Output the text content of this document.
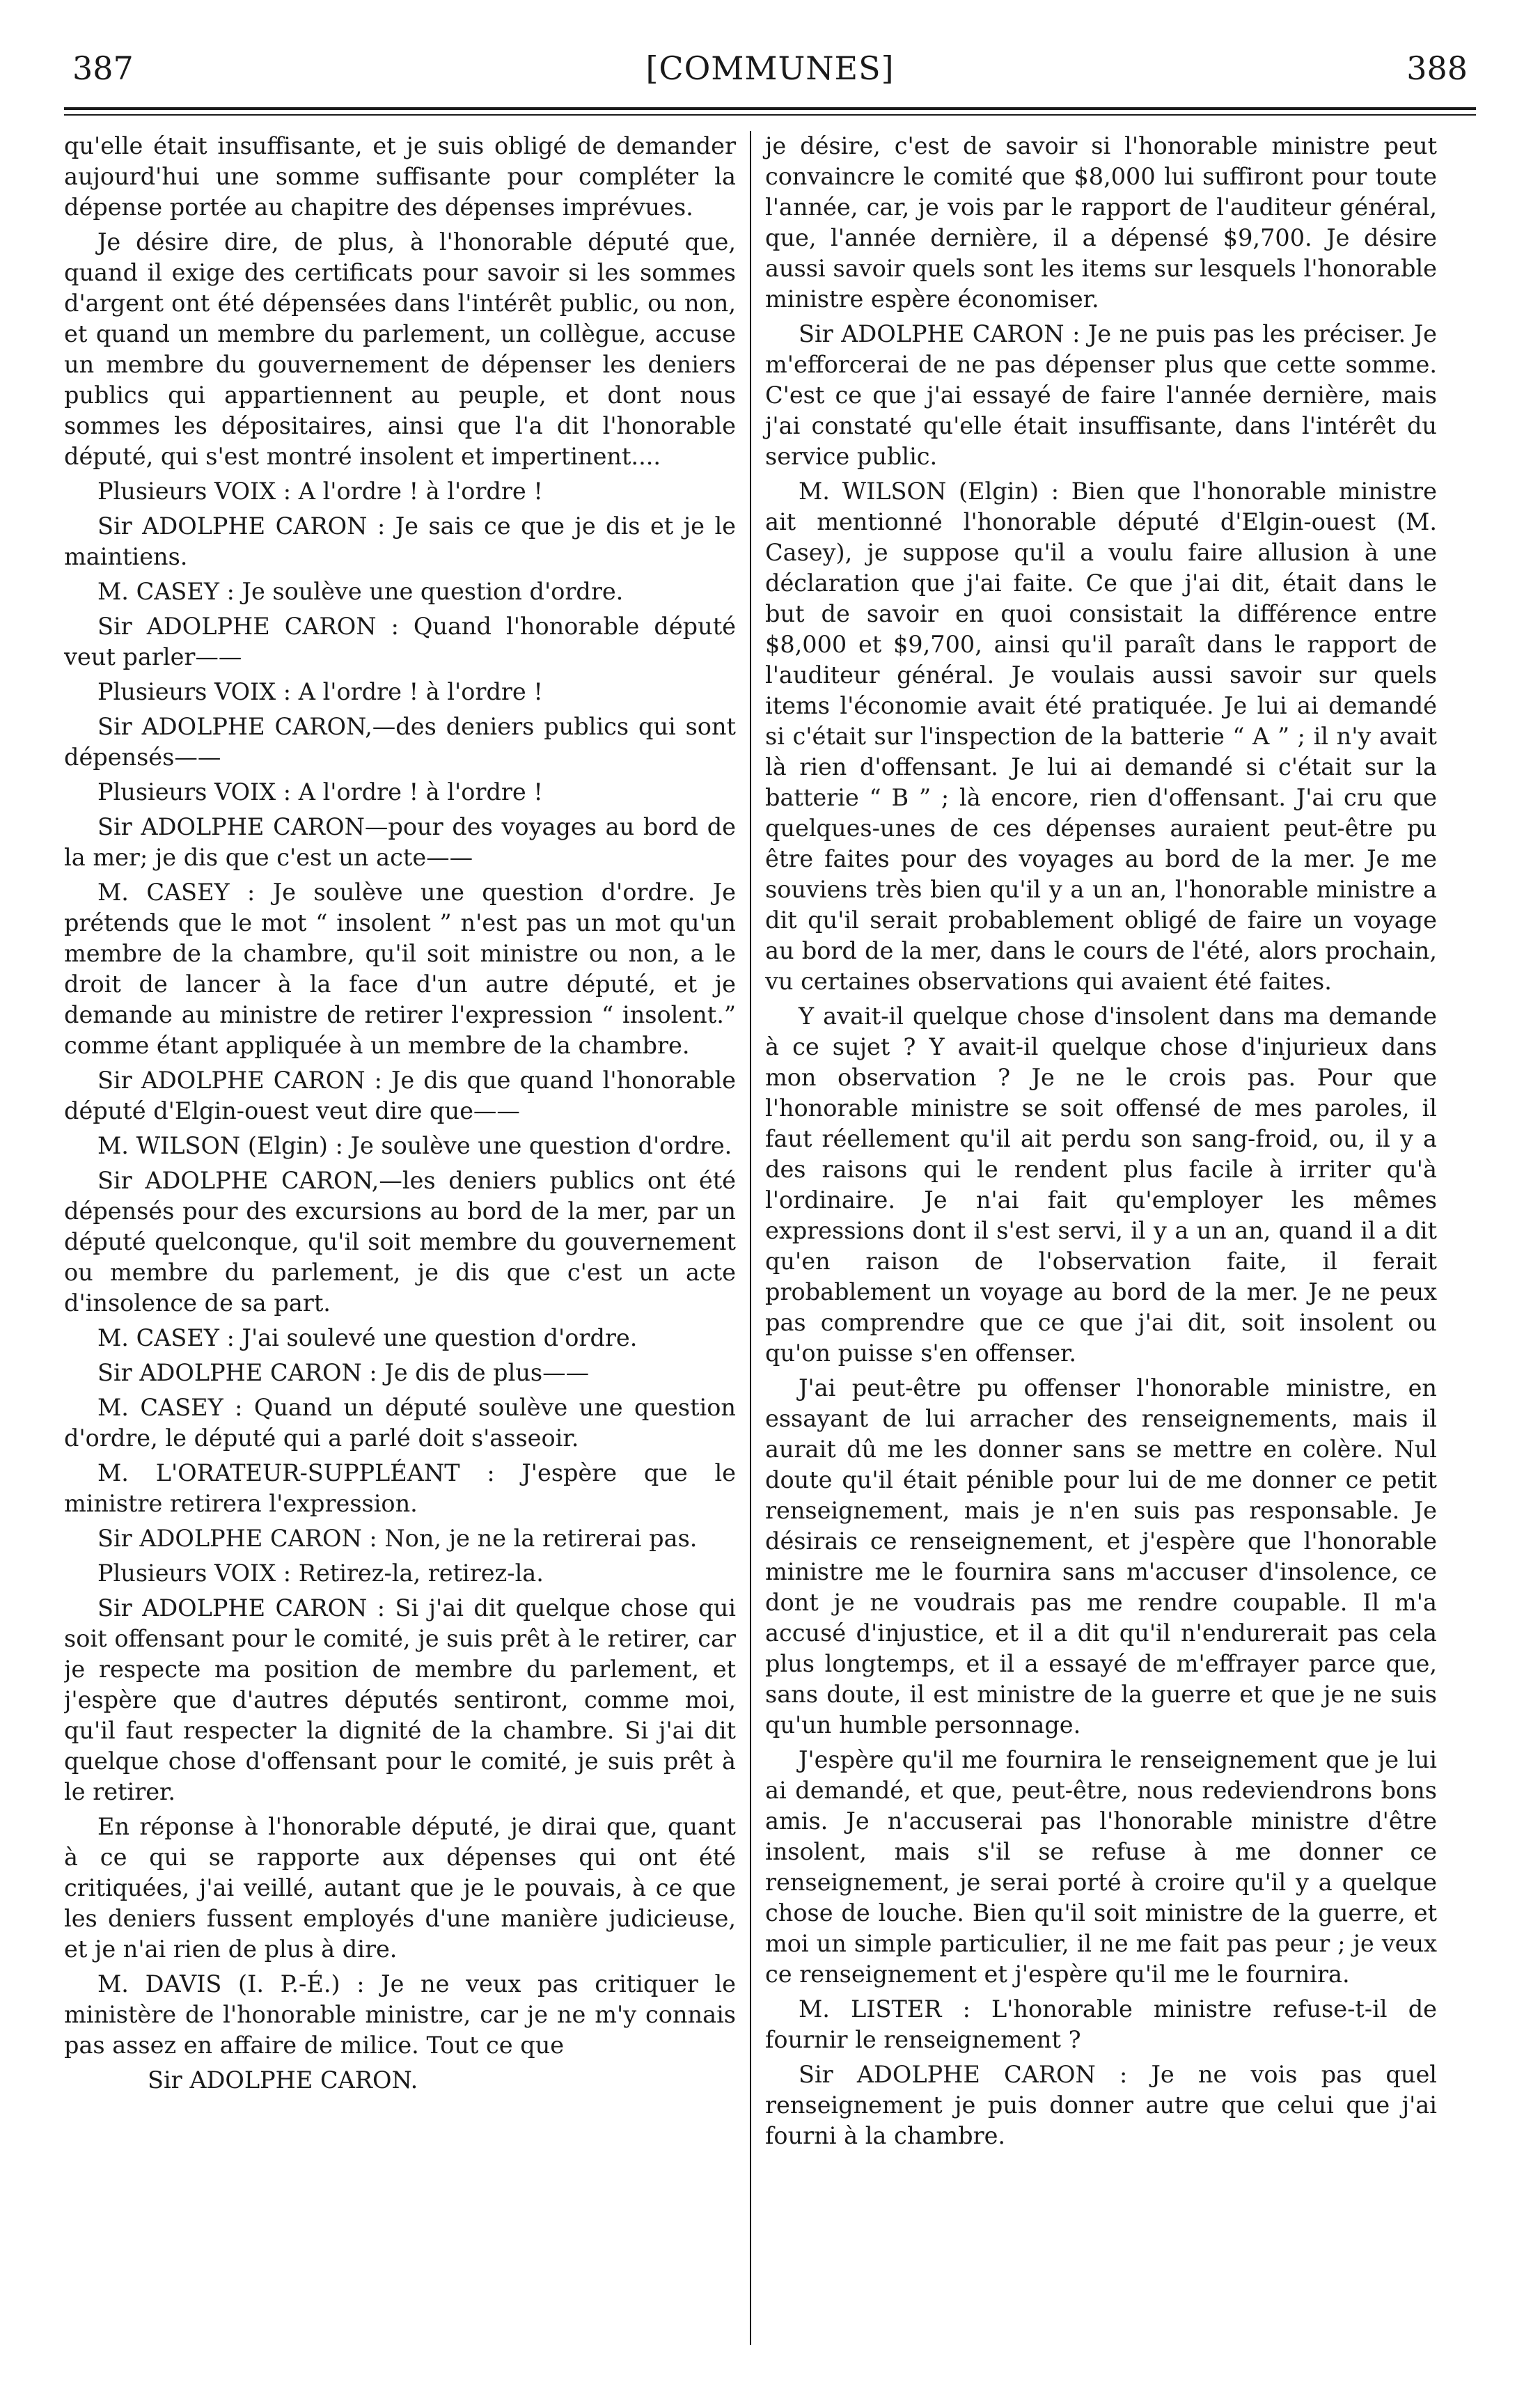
387	[COMMUNES]	388

qu'elle était insuffisante, et je suis obligé de demander aujourd'hui une somme suffisante pour compléter la dépense portée au chapitre des dépenses imprévues.

Je désire dire, de plus, à l'honorable député que, quand il exige des certificats pour savoir si les sommes d'argent ont été dépensées dans l'intérêt public, ou non, et quand un membre du parlement, un collègue, accuse un membre du gouvernement de dépenser les deniers publics qui appartiennent au peuple, et dont nous sommes les dépositaires, ainsi que l'a dit l'honorable député, qui s'est montré insolent et impertinent....

Plusieurs VOIX : A l'ordre ! à l'ordre !

Sir ADOLPHE CARON : Je sais ce que je dis et je le maintiens.

M. CASEY : Je soulève une question d'ordre.

Sir ADOLPHE CARON : Quand l'honorable député veut parler——

Plusieurs VOIX : A l'ordre ! à l'ordre !

Sir ADOLPHE CARON,—des deniers publics qui sont dépensés——

Plusieurs VOIX : A l'ordre ! à l'ordre !

Sir ADOLPHE CARON—pour des voyages au bord de la mer; je dis que c'est un acte——

M. CASEY : Je soulève une question d'ordre. Je prétends que le mot “ insolent ” n'est pas un mot qu'un membre de la chambre, qu'il soit ministre ou non, a le droit de lancer à la face d'un autre député, et je demande au ministre de retirer l'expression “ insolent.” comme étant appliquée à un membre de la chambre.

Sir ADOLPHE CARON : Je dis que quand l'honorable député d'Elgin-ouest veut dire que——

M. WILSON (Elgin) : Je soulève une question d'ordre.

Sir ADOLPHE CARON,—les deniers publics ont été dépensés pour des excursions au bord de la mer, par un député quelconque, qu'il soit membre du gouvernement ou membre du parlement, je dis que c'est un acte d'insolence de sa part.

M. CASEY : J'ai soulevé une question d'ordre.

Sir ADOLPHE CARON : Je dis de plus——

M. CASEY : Quand un député soulève une question d'ordre, le député qui a parlé doit s'asseoir.

M. L'ORATEUR-SUPPLÉANT : J'espère que le ministre retirera l'expression.

Sir ADOLPHE CARON : Non, je ne la retirerai pas.

Plusieurs VOIX : Retirez-la, retirez-la.

Sir ADOLPHE CARON : Si j'ai dit quelque chose qui soit offensant pour le comité, je suis prêt à le retirer, car je respecte ma position de membre du parlement, et j'espère que d'autres députés sentiront, comme moi, qu'il faut respecter la dignité de la chambre. Si j'ai dit quelque chose d'offensant pour le comité, je suis prêt à le retirer.

En réponse à l'honorable député, je dirai que, quant à ce qui se rapporte aux dépenses qui ont été critiquées, j'ai veillé, autant que je le pouvais, à ce que les deniers fussent employés d'une manière judicieuse, et je n'ai rien de plus à dire.

M. DAVIS (I. P.-É.) : Je ne veux pas critiquer le ministère de l'honorable ministre, car je ne m'y connais pas assez en affaire de milice. Tout ce que

Sir ADOLPHE CARON.

je désire, c'est de savoir si l'honorable ministre peut convaincre le comité que $8,000 lui suffiront pour toute l'année, car, je vois par le rapport de l'auditeur général, que, l'année dernière, il a dépensé $9,700. Je désire aussi savoir quels sont les items sur lesquels l'honorable ministre espère économiser.

Sir ADOLPHE CARON : Je ne puis pas les préciser. Je m'efforcerai de ne pas dépenser plus que cette somme. C'est ce que j'ai essayé de faire l'année dernière, mais j'ai constaté qu'elle était insuffisante, dans l'intérêt du service public.

M. WILSON (Elgin) : Bien que l'honorable ministre ait mentionné l'honorable député d'Elgin-ouest (M. Casey), je suppose qu'il a voulu faire allusion à une déclaration que j'ai faite. Ce que j'ai dit, était dans le but de savoir en quoi consistait la différence entre $8,000 et $9,700, ainsi qu'il paraît dans le rapport de l'auditeur général. Je voulais aussi savoir sur quels items l'économie avait été pratiquée. Je lui ai demandé si c'était sur l'inspection de la batterie “ A ” ; il n'y avait là rien d'offensant. Je lui ai demandé si c'était sur la batterie “ B ” ; là encore, rien d'offensant. J'ai cru que quelques-unes de ces dépenses auraient peut-être pu être faites pour des voyages au bord de la mer. Je me souviens très bien qu'il y a un an, l'honorable ministre a dit qu'il serait probablement obligé de faire un voyage au bord de la mer, dans le cours de l'été, alors prochain, vu certaines observations qui avaient été faites.

Y avait-il quelque chose d'insolent dans ma demande à ce sujet ? Y avait-il quelque chose d'injurieux dans mon observation ? Je ne le crois pas. Pour que l'honorable ministre se soit offensé de mes paroles, il faut réellement qu'il ait perdu son sang-froid, ou, il y a des raisons qui le rendent plus facile à irriter qu'à l'ordinaire. Je n'ai fait qu'employer les mêmes expressions dont il s'est servi, il y a un an, quand il a dit qu'en raison de l'observation faite, il ferait probablement un voyage au bord de la mer. Je ne peux pas comprendre que ce que j'ai dit, soit insolent ou qu'on puisse s'en offenser.

J'ai peut-être pu offenser l'honorable ministre, en essayant de lui arracher des renseignements, mais il aurait dû me les donner sans se mettre en colère. Nul doute qu'il était pénible pour lui de me donner ce petit renseignement, mais je n'en suis pas responsable. Je désirais ce renseignement, et j'espère que l'honorable ministre me le fournira sans m'accuser d'insolence, ce dont je ne voudrais pas me rendre coupable. Il m'a accusé d'injustice, et il a dit qu'il n'endurerait pas cela plus longtemps, et il a essayé de m'effrayer parce que, sans doute, il est ministre de la guerre et que je ne suis qu'un humble personnage.

J'espère qu'il me fournira le renseignement que je lui ai demandé, et que, peut-être, nous redeviendrons bons amis. Je n'accuserai pas l'honorable ministre d'être insolent, mais s'il se refuse à me donner ce renseignement, je serai porté à croire qu'il y a quelque chose de louche. Bien qu'il soit ministre de la guerre, et moi un simple particulier, il ne me fait pas peur ; je veux ce renseignement et j'espère qu'il me le fournira.

M. LISTER : L'honorable ministre refuse-t-il de fournir le renseignement ?

Sir ADOLPHE CARON : Je ne vois pas quel renseignement je puis donner autre que celui que j'ai fourni à la chambre.
